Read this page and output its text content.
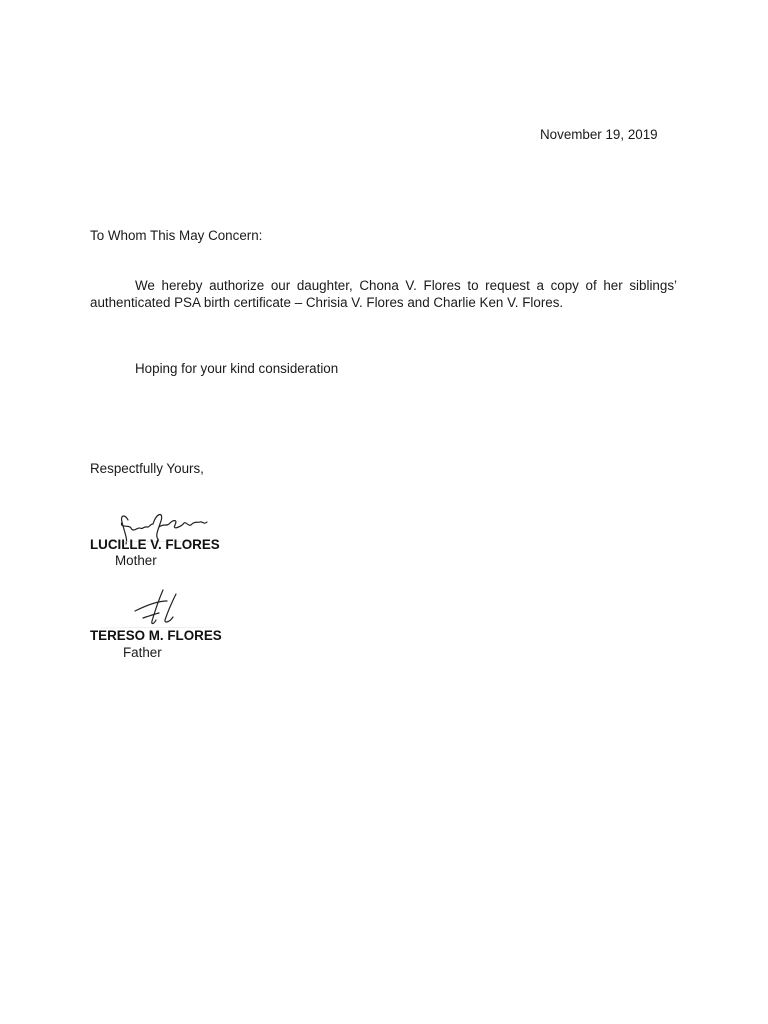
November 19, 2019
To Whom This May Concern:

We hereby authorize our daughter, Chona V. Flores to request a copy of her siblings’ authenticated PSA birth certificate – Chrisia V. Flores and Charlie Ken V. Flores.

Hoping for your kind consideration
Respectfully Yours,
LUCILLE V. FLORES
Mother
TERESO M. FLORES
Father
